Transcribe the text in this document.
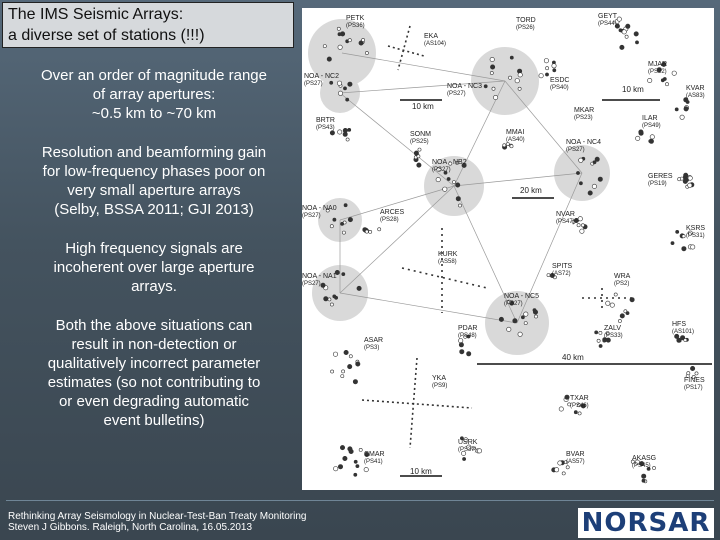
The IMS Seismic Arrays:
a diverse set of stations (!!!)
Over an order of magnitude range
of array apertures:
~0.5 km to ~70 km
Resolution and beamforming gain
for low-frequency phases poor on
very small aperture arrays
(Selby, BSSA 2011; GJI 2013)
High frequency signals are
incoherent over large aperture
arrays.
Both the above situations can
result in non-detection or
qualitatively incorrect parameter
estimates (so not contributing to
or even degrading automatic
event bulletins)
10 km
10 km
20 km
40 km
10 km
PETK
(PS36)
EKA
(AS104)
TORD
(PS26)
GEYT
(PS44)
NOA - NC2
(PS27)	NOA - NC3
(PS27)
MJAR
(PS22)
ESDC
(PS40)	KVAR
(AS83)
BRTR
(PS43)
MKAR
(PS23)	ILAR
(PS49)
SONM
(PS25)
MMAI
(AS40)	NOA - NC4
(PS27)
NOA - NB2
(PS27)
GERES
(PS19)
NOA - NA0
(PS27)	ARCES
(PS28)
NVAR
(PS47)
KSRS
(PS31)
KURK
(AS58)
SPITS
(AS72)
NOA - NA1
(PS27)
WRA
(PS2)
NOA - NC5
(PS27)
PDAR
(PS48)
HFS
(AS101)
ZALV
(PS33)
ASAR
(PS3)
FINES
(PS17)
YKA
(PS9)
TXAR
(PS46)
USRK
(PS37)
BVAR
(AS57)
CMAR
(PS41)	AKASG
(PS45)
Rethinking Array Seismology in Nuclear-Test-Ban Treaty Monitoring
Steven J Gibbons. Raleigh, North Carolina, 16.05.2013	NORSAR
